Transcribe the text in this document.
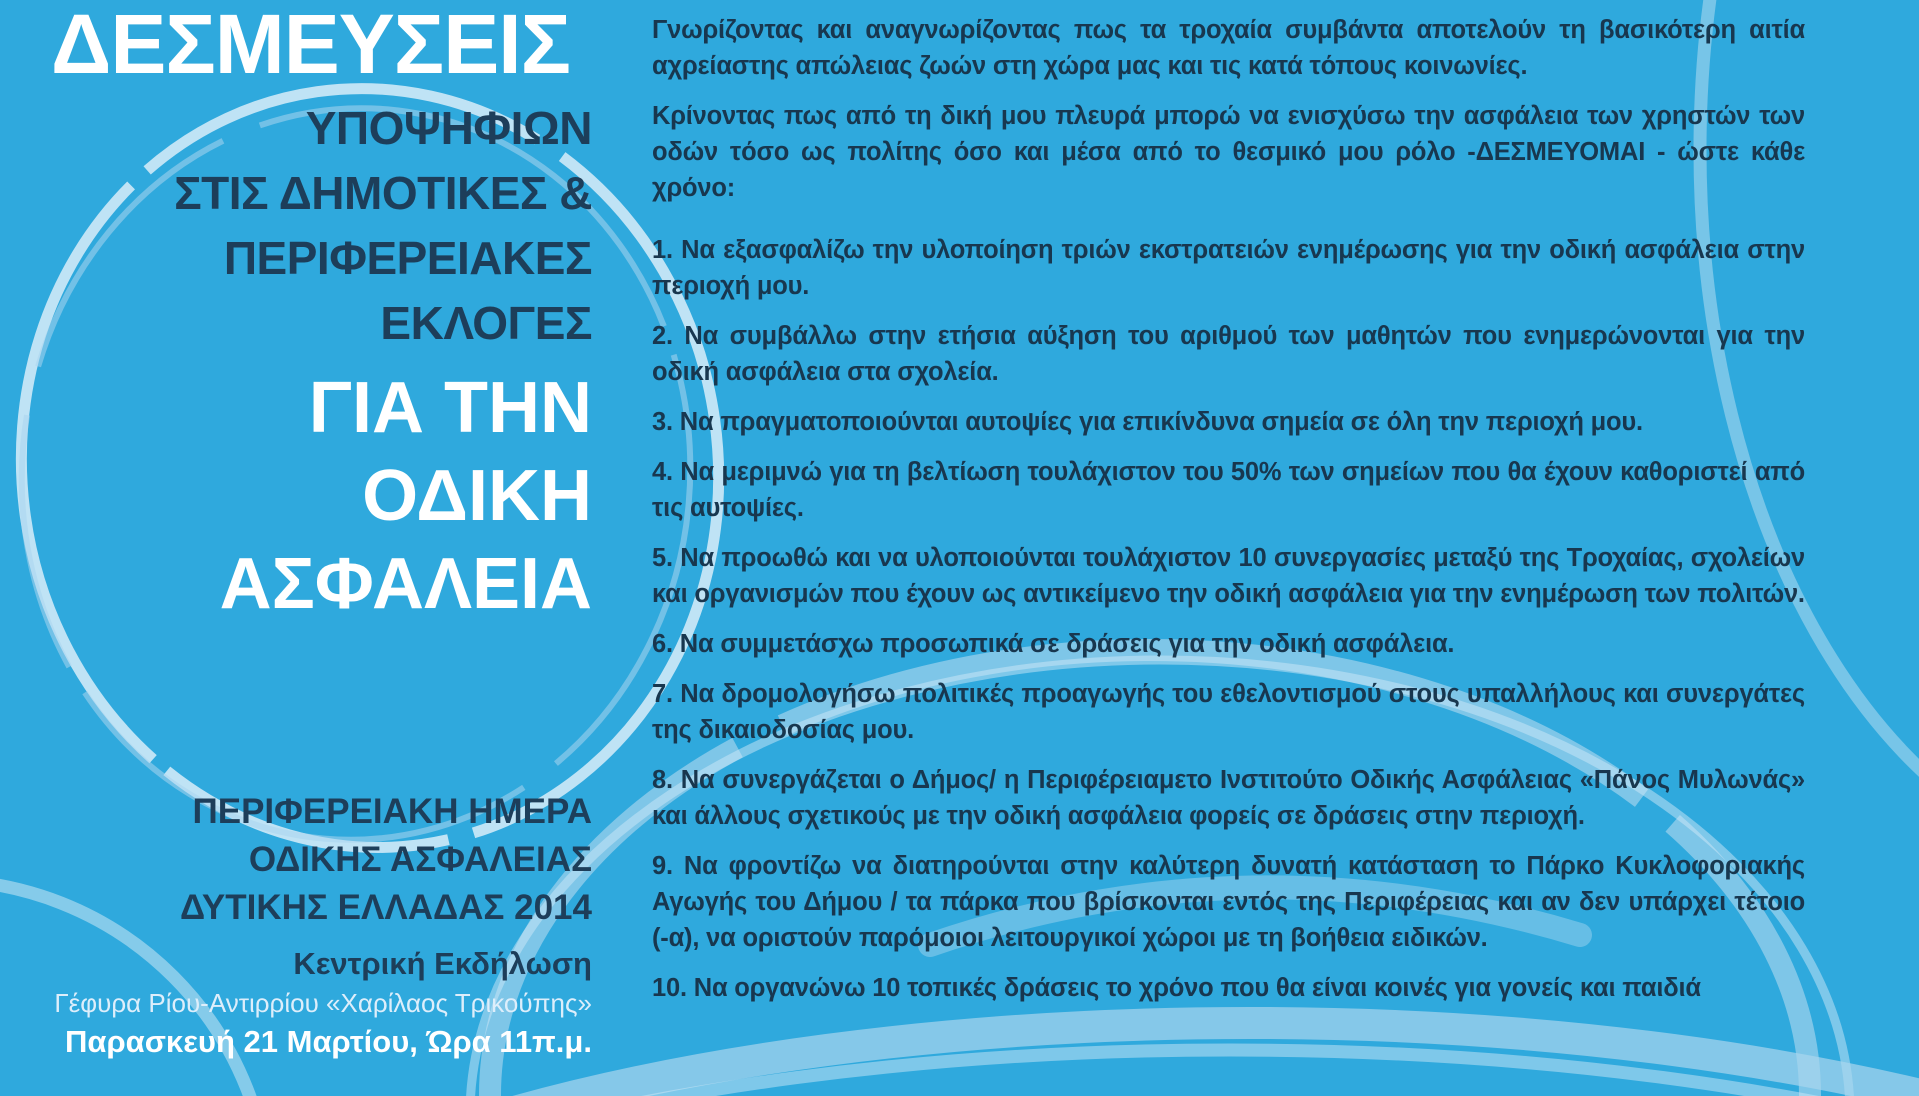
ΔΕΣΜΕΥΣΕΙΣ
ΥΠΟΨΗΦΙΩΝ
ΣΤΙΣ ΔΗΜΟΤΙΚΕΣ &
ΠΕΡΙΦΕΡΕΙΑΚΕΣ
ΕΚΛΟΓΕΣ
ΓΙΑ ΤΗΝ
ΟΔΙΚΗ
ΑΣΦΑΛΕΙΑ
ΠΕΡΙΦΕΡΕΙΑΚΗ ΗΜΕΡΑ
ΟΔΙΚΗΣ ΑΣΦΑΛΕΙΑΣ
ΔΥΤΙΚΗΣ ΕΛΛΑΔΑΣ 2014
Κεντρική Εκδήλωση
Γέφυρα Ρίου-Αντιρρίου «Χαρίλαος Τρικούπης»
Παρασκευή 21 Μαρτίου, Ώρα 11π.μ.

Γνωρίζοντας και αναγνωρίζοντας πως τα τροχαία συμβάντα αποτελούν τη βασικότερη αιτία αχρείαστης απώλειας ζωών στη χώρα μας και τις κατά τόπους κοινωνίες.

Κρίνοντας πως από τη δική μου πλευρά μπορώ να ενισχύσω την ασφάλεια των χρηστών των οδών τόσο ως πολίτης όσο και μέσα από το θεσμικό μου ρόλο -ΔΕΣΜΕΥΟΜΑΙ - ώστε κάθε χρόνο:

1. Να εξασφαλίζω την υλοποίηση τριών εκστρατειών ενημέρωσης για την οδική ασφάλεια στην περιοχή μου.

2. Να συμβάλλω στην ετήσια αύξηση του αριθμού των μαθητών που ενημερώνονται για την οδική ασφάλεια στα σχολεία.

3. Να πραγματοποιούνται αυτοψίες για επικίνδυνα σημεία σε όλη την περιοχή μου.

4. Να μεριμνώ για τη βελτίωση τουλάχιστον του 50% των σημείων που θα έχουν καθοριστεί από τις αυτοψίες.

5. Να προωθώ και να υλοποιούνται τουλάχιστον 10 συνεργασίες μεταξύ της Τροχαίας, σχολείων και οργανισμών που έχουν ως αντικείμενο την οδική ασφάλεια για την ενημέρωση των πολιτών.

6. Να συμμετάσχω προσωπικά σε δράσεις για την οδική ασφάλεια.

7. Να δρομολογήσω πολιτικές προαγωγής του εθελοντισμού στους υπαλλήλους και συνεργάτες της δικαιοδοσίας μου.

8. Να συνεργάζεται ο Δήμος/ η Περιφέρειαμετο Ινστιτούτο Οδικής Ασφάλειας «Πάνος Μυλωνάς» και άλλους σχετικούς με την οδική ασφάλεια φορείς σε δράσεις στην περιοχή.

9. Να φροντίζω να διατηρούνται στην καλύτερη δυνατή κατάσταση το Πάρκο Κυκλοφοριακής Αγωγής του Δήμου / τα πάρκα που βρίσκονται εντός της Περιφέρειας και αν δεν υπάρχει τέτοιο (-α), να οριστούν παρόμοιοι λειτουργικοί χώροι με τη βοήθεια ειδικών.

10. Να οργανώνω 10 τοπικές δράσεις το χρόνο που θα είναι κοινές για γονείς και παιδιά
